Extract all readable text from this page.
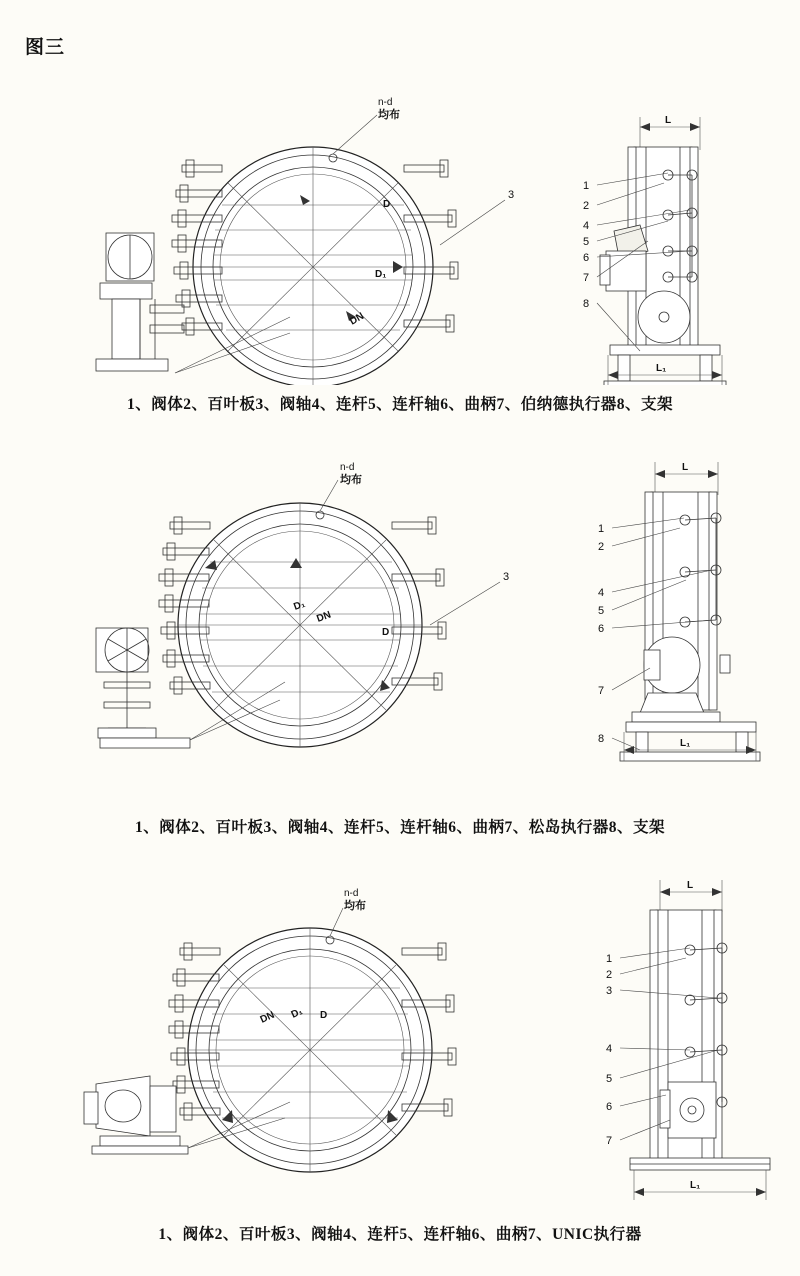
图三
D
D₁
DN
n-d
均布
3
L
1
2
4
5
6
7
8
L₁
1、阀体2、百叶板3、阀轴4、连杆5、连杆轴6、曲柄7、伯纳德执行器8、支架
D₁
DN
D
n-d
均布
3
L
1
2
4
5
6
7
8	L₁
1、阀体2、百叶板3、阀轴4、连杆5、连杆轴6、曲柄7、松岛执行器8、支架
DN D₁ D
n-d
均布
L
1
2
3
4
5
6
7
L₁
1、阀体2、百叶板3、阀轴4、连杆5、连杆轴6、曲柄7、UNIC执行器
